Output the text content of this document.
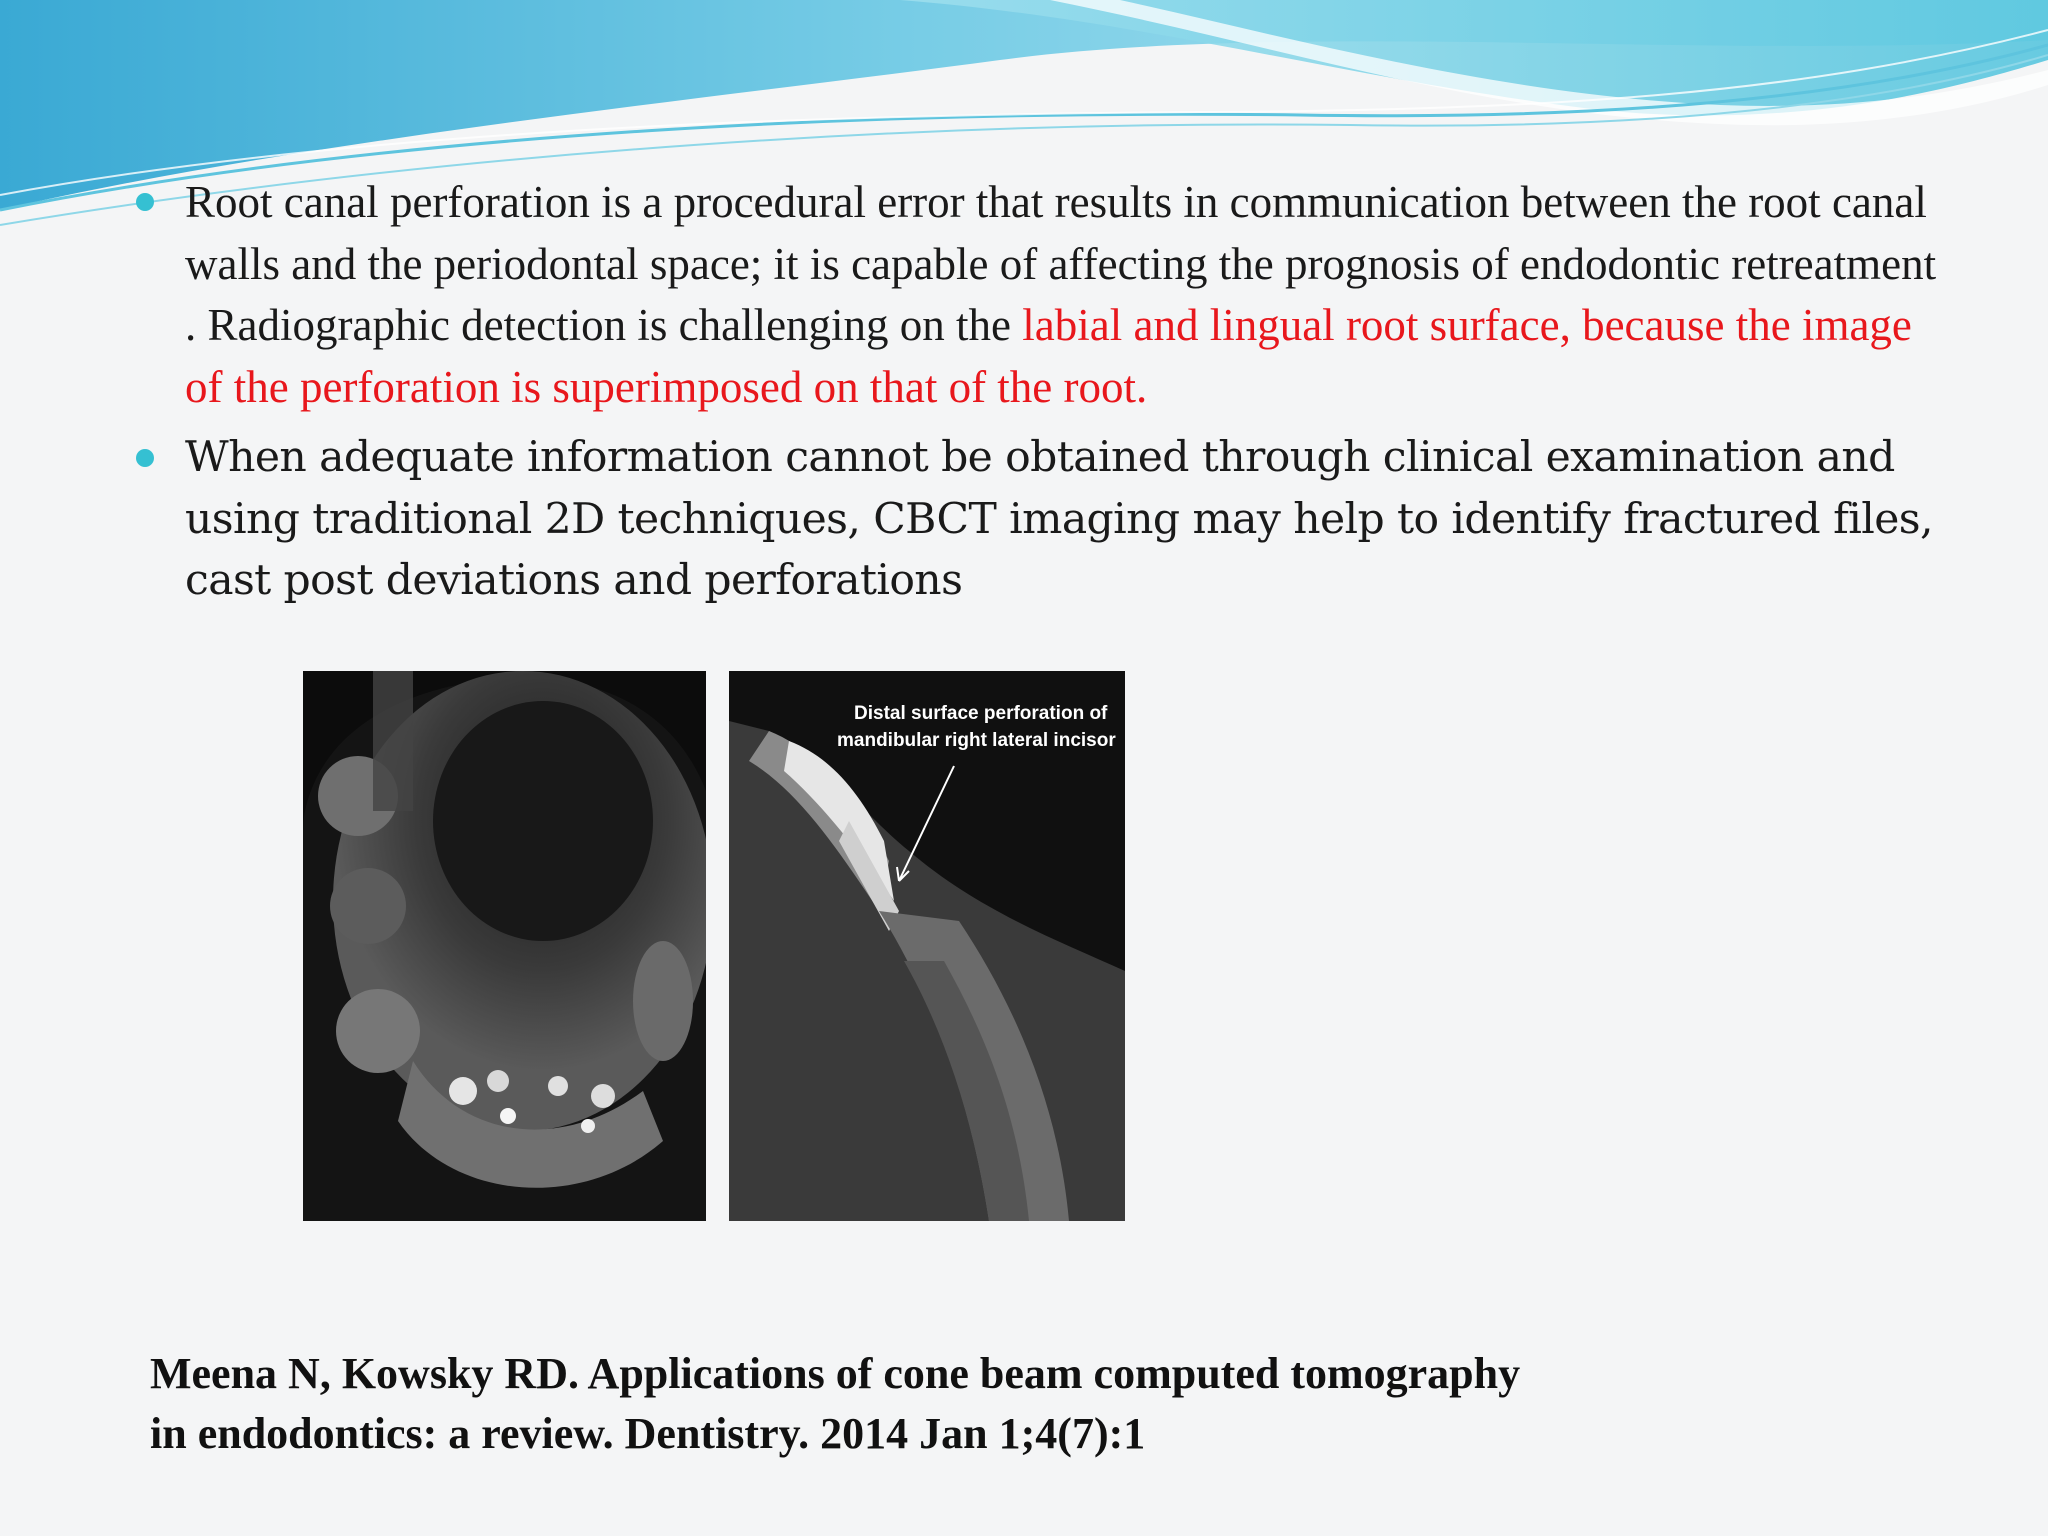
Root canal perforation is a procedural error that results in communication between the root canal walls and the periodontal space; it is capable of affecting the prognosis of endodontic retreatment . Radiographic detection is challenging on the labial and lingual root surface, because the image of the perforation is superimposed on that of the root.
When adequate information cannot be obtained through clinical examination and using traditional 2D techniques, CBCT imaging may help to identify fractured files, cast post deviations and perforations
Distal surface perforation of
mandibular right lateral incisor
Meena N, Kowsky RD. Applications of cone beam computed tomography
in endodontics: a review. Dentistry. 2014 Jan 1;4(7):1
